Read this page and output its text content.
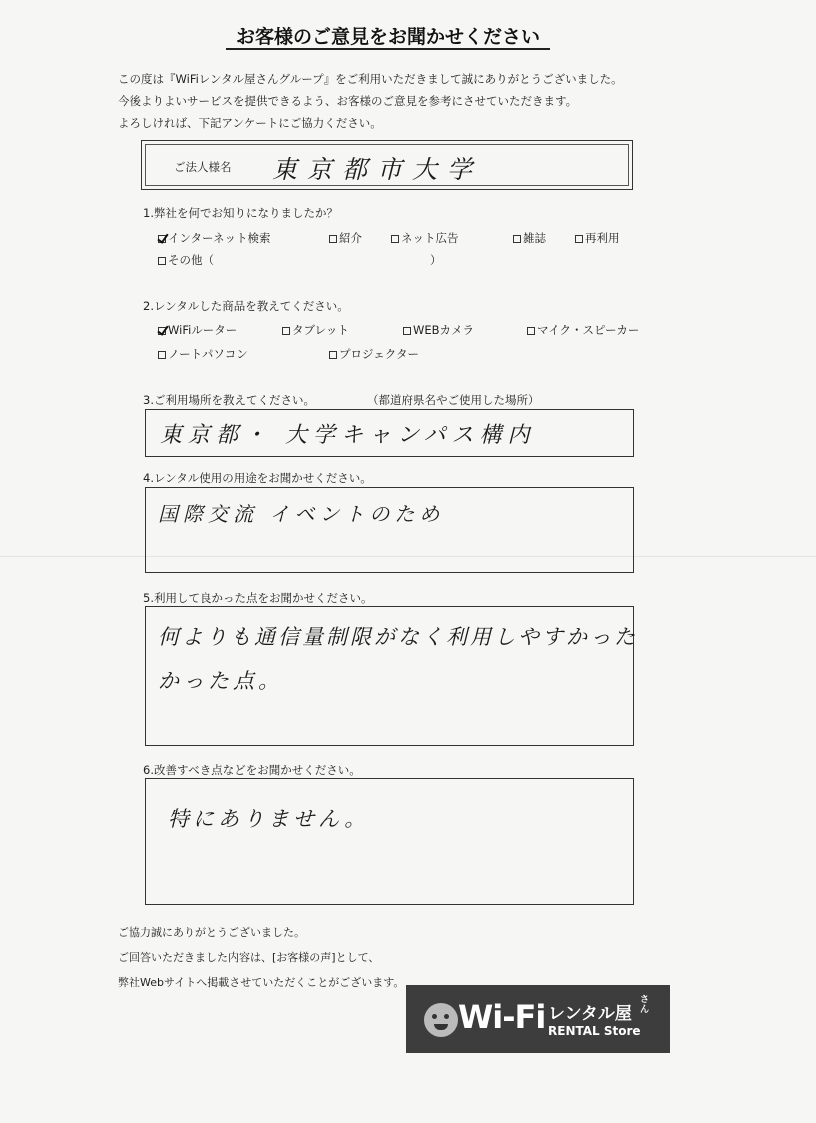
お客様のご意見をお聞かせください
この度は『WiFiレンタル屋さんグループ』をご利用いただきまして誠にありがとうございました。
今後よりよいサービスを提供できるよう、お客様のご意見を参考にさせていただきます。
よろしければ、下記アンケートにご協力ください。
ご法人様名 東京都市大学
1.弊社を何でお知りになりましたか？
インターネット検索	紹介	ネット広告	雑誌	再利用
その他（	）
2.レンタルした商品を教えてください。
WiFiルーター	タブレット	WEBカメラ	マイク・スピーカー
ノートパソコン	プロジェクター
3.ご利用場所を教えてください。	（都道府県名やご使用した場所）
東京都・ 大学キャンパス構内
4.レンタル使用の用途をお聞かせください。
国際交流 イベントのため
5.利用して良かった点をお聞かせください。
何よりも通信量制限がなく利用しやすかった
かった点。
6.改善すべき点などをお聞かせください。
特にありません。
ご協力誠にありがとうございました。
ご回答いただきました内容は、[お客様の声]として、
弊社Webサイトへ掲載させていただくことがございます。
Wi-Fi レンタル屋
さん
RENTAL Store
